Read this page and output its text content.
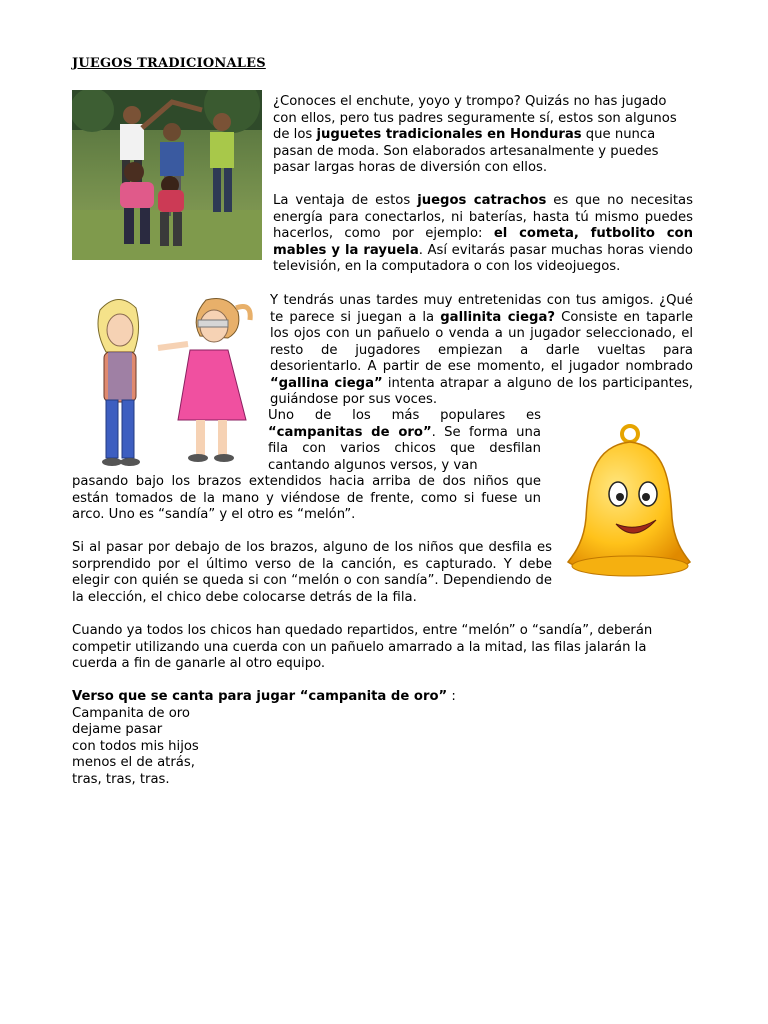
JUEGOS TRADICIONALES
¿Conoces el enchute, yoyo y trompo? Quizás no has jugado con ellos, pero tus padres seguramente sí, estos son algunos de los juguetes tradicionales en Honduras que nunca pasan de moda. Son elaborados artesanalmente y puedes pasar largas horas de diversión con ellos.
La ventaja de estos juegos catrachos es que no necesitas energía para conectarlos, ni baterías, hasta tú mismo puedes hacerlos, como por ejemplo: el cometa, futbolito con mables y la rayuela. Así evitarás pasar muchas horas viendo televisión, en la computadora o con los videojuegos.
Y tendrás unas tardes muy entretenidas con tus amigos. ¿Qué te parece si juegan a la gallinita ciega? Consiste en taparle los ojos con un pañuelo o venda a un jugador seleccionado, el resto de jugadores empiezan a darle vueltas para desorientarlo. A partir de ese momento, el jugador nombrado “gallina ciega” intenta atrapar a alguno de los participantes, guiándose por sus voces.
Uno de los más populares es “campanitas de oro”. Se forma una fila con varios chicos que desfilan cantando algunos versos, y van
pasando bajo los brazos extendidos hacia arriba de dos niños que están tomados de la mano y viéndose de frente, como si fuese un arco. Uno es “sandía” y el otro es “melón”.
Si al pasar por debajo de los brazos, alguno de los niños que desfila es sorprendido por el último verso de la canción, es capturado. Y debe elegir con quién se queda si con “melón o con sandía”. Dependiendo de la elección, el chico debe colocarse detrás de la fila.
Cuando ya todos los chicos han quedado repartidos, entre “melón” o “sandía”, deberán competir utilizando una cuerda con un pañuelo amarrado a la mitad, las filas jalarán la cuerda a fin de ganarle al otro equipo.
Verso que se canta para jugar “campanita de oro” :
Campanita de oro
dejame pasar
con todos mis hijos
menos el de atrás,
tras, tras, tras.
